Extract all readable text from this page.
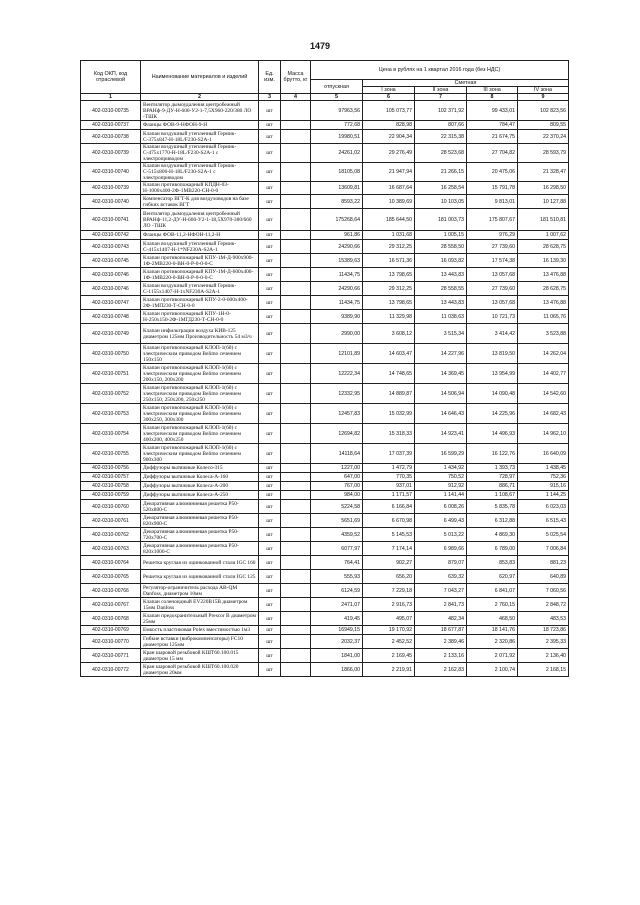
1479
Код ОКП, код отраслевой	Наименование материалов и изделий	Ед. изм.	Масса брутто, кг	Цена в рублях на 1 квартал 2016 года (без НДС)				
				отпускная	Сметная			
					I зона	II зона	III зона	IV зона
1	2	3	4	5	6	7	8	9
402-0310-00735	Вентилятор дымоудаления центробежный ВРАНф-9-ДУ-Н-600-У2-1-7,5Х960-220/380 ЛО -ТШК	шт		97963,56	105 073,77	102 371,92	99 433,01	102 823,56
402-0310-00737	Фланцы ФОВ-9-НФОН-9-Н	шт		772,68	828,98	807,66	784,47	809,55
402-0310-00738	Клапан воздушный утепленный Гермик-С-375х847-Н-18L/F230-S2А-1	шт		19980,51	22 904,34	22 315,38	21 674,75	22 370,24
402-0310-00739	Клапан воздушный утепленный Гермик-С-475х1770-Н-18L/F230-S2А-1 с электроприводом	шт		24261,02	29 276,49	28 523,68	27 704,82	28 593,79
402-0310-00740	Клапан воздушный утепленный Гермик-С-515х800-Н-18L/F230-S2А-1 с электроприводом	шт		18105,08	21 947,94	21 266,15	20 475,06	21 328,47
402-0310-00739	Клапан противопожарный КПДН-03-Н-1000х400-2Ф-1МВ220-СН-0-0	шт		13609,81	16 687,64	16 258,54	15 791,78	16 298,50
402-0310-00740	Компенсатор ВГТ-К для воздуховодов на базе гибких вставок ВГТ	шт		8593,22	10 389,69	10 103,05	9 813,01	10 127,88
402-0310-00741	Вентилятор дымоудаления центробежный ВРАНф-11,2-ДУ-Н-600-У2-1-18,5Х970-380/660 ЛО -ТШК	шт		175268,64	185 644,50	181 003,73	175 807,67	181 510,81
402-0310-00742	Фланцы ФОВ-11,2-НФОН-11,2-Н	шт		961,86	1 031,68	1 005,15	976,29	1 007,62
402-0310-00743	Клапан воздушный утепленный Гермик-С-415х1407-Н-1*NF230А-S2А-1	шт		24290,66	29 312,25	28 558,50	27 739,60	28 628,75
402-0310-00745	Клапан противопожарный КПУ-1М-Д-900х900-1Ф-2МВ220-0-ВН-0-Р-0-0-0-С	шт		15389,63	16 571,36	16 093,82	17 574,38	16 139,30
402-0310-00746	Клапан противопожарный КПУ-1М-Д-600х400-1Ф-1МВ220-0-ВН-0-Р-0-0-0-С	шт		11434,75	13 798,65	13 443,83	13 057,68	13 476,88
402-0310-00746	Клапан воздушный утепленный Гермик-С-1155х1407-Н-1хNF230А-S2А-1	шт		24290,66	29 312,25	28 558,55	27 739,60	28 628,75
402-0310-00747	Клапан противопожарный КПУ-2-0-600х400-2Ф-1МП230-Т-СН-0-0	шт		11434,75	13 798,65	13 443,83	13 057,68	13 476,88
402-0310-00748	Клапан противопожарный КПУ-1Н-0-Н-250х150-2Ф-1МГД230-Т-СН-0-0	шт		9389,90	11 329,98	11 038,63	10 721,73	11 065,76
402-0310-00749	Клапан инфильтрации воздуха КИВ-125 диаметром 125мм Производительность 54 м3/ч	шт		2990,00	3 608,12	3 515,34	3 414,42	3 523,88
402-0310-00750	Клапан противопожарный КЛОП-1(60) с электрическим приводом Belimo сечением 150х150	шт		12101,89	14 603,47	14 227,96	13 819,50	14 262,04
402-0310-00751	Клапан противопожарный КЛОП-1(60) с электрическим приводом Belimo сечением 200х150, 200х200	шт		12222,34	14 748,65	14 369,45	13 954,99	14 402,77
402-0310-00752	Клапан противопожарный КЛОП-1(60) с электрическим приводом Belimo сечением 250х150, 250х200, 250х250	шт		12332,95	14 889,87	14 506,94	14 090,48	14 542,60
402-0310-00753	Клапан противопожарный КЛОП-1(60) с электрическим приводом Belimo сечением 300х250, 300х300	шт		12457,83	15 032,99	14 646,43	14 225,96	14 682,43
402-0310-00754	Клапан противопожарный КЛОП-1(60) с электрическим приводом Belimo сечением 400х200, 400х250	шт		12694,82	15 318,33	14 923,41	14 496,93	14 962,10
402-0310-00755	Клапан противопожарный КЛОП-1(60) с электрическим приводом Belimo сечением 900х300	шт		14118,64	17 037,39	16 599,29	16 122,76	16 640,09
402-0310-00756	Диффузоры вытяжные Колесо-315	шт		1227,00	1 472,79	1 434,92	1 393,73	1 438,45
402-0310-00757	Диффузоры вытяжные Колеса-А-160	шт		647,00	770,35	750,52	728,97	752,36
402-0310-00758	Диффузоры вытяжные Колеса-А-200	шт		767,00	937,01	912,92	886,71	915,16
402-0310-00759	Диффузоры вытяжные Колеса-А-250	шт		984,00	1 171,57	1 141,44	1 108,67	1 144,25
402-0310-00760	Декоративная алюминиевая решетка Р50-520х800-С	шт		5224,58	6 166,84	6 008,26	5 835,78	6 023,03
402-0310-00761	Декоративная алюминиевая решетка Р50-820х900-С	шт		5651,69	6 670,98	6 499,43	6 312,88	6 515,43
402-0310-00762	Декоративная алюминиевая решетка Р50-720х700-С	шт		4359,52	5 145,53	5 013,22	4 869,30	5 025,54
402-0310-00763	Декоративная алюминиевая решетка Р50-820х1000-С	шт		6077,97	7 174,14	6 989,66	6 789,00	7 006,84
402-0310-00764	Решетка круглая из оцинкованной стали IGC 160	шт		764,41	902,27	879,07	853,83	881,23
402-0310-00765	Решетка круглая из оцинкованной стали IGC 125	шт		555,93	656,20	639,32	620,97	640,89
402-0310-00766	Регулятор-ограничитель расхода AB-QM Danfoss, диаметром 10мм	шт		6124,59	7 229,18	7 043,27	6 841,07	7 060,56
402-0310-00767	Клапан соленоидный EV220B15B диаметром 15мм Danfoss	шт		2471,07	2 916,73	2 841,73	2 760,15	2 848,72
402-0310-00768	Клапан предохранительный Prescor B диаметром 25мм	шт		419,45	495,07	482,34	468,50	483,53
402-0310-00769	Емкость пластиковая Polex вместимостью 1м3	шт		16949,15	19 170,92	18 677,87	18 141,76	18 723,86
402-0310-00770	Гибкие вставки (виброкомпенсаторы) FC10 диаметром 125мм	шт		2032,37	2 452,52	2 389,46	2 320,86	2 395,33
402-0310-00771	Кран шаровой резьбовой КШТ60.100.015 диаметром 15 мм	шт		1841,00	2 169,45	2 133,16	2 071,92	2 136,40
402-0310-00772	Кран шаровой резьбовой КШТ60.100.020 диаметром 20мм	шт		1866,00	2 219,91	2 162,83	2 100,74	2 168,15
